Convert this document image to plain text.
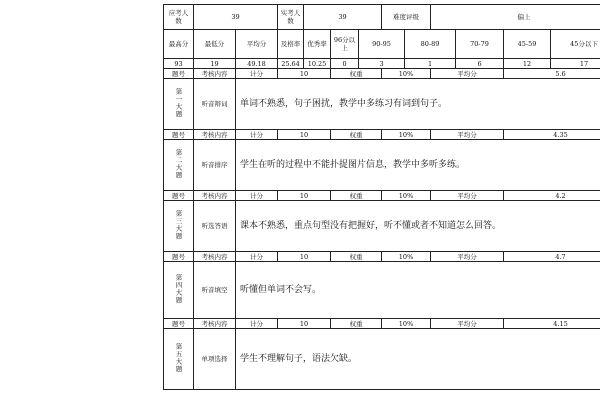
应考人数	39		实考人数	39			难度评级		偏上			
最高分	最低分	平均分	及格率	优秀率	96分以上	90-95		80-89		70-79	45-59	45分以下
93	19	49.18	25.64	10.25	0	3		1		6	12	17
题号	考核内容	计分	10		权重		10%		平均分		5.6	
第一大题	听音辩词	单词不熟悉，句子困扰，教学中多练习有词到句子。										
题号	考核内容	计分	10		权重		10%		平均分		4.35	
第二大题	听音排序	学生在听的过程中不能扑捉图片信息，教学中多听多练。										
题号	考核内容	计分	10		权重		10%		平均分		4.2	
第三大题	听选答语	课本不熟悉，重点句型没有把握好，听不懂或者不知道怎么回答。										
题号	考核内容	计分	10		权重		10%		平均分		4.7	
第四大题	听音填空	听懂但单词不会写。										
题号	考核内容	计分	10		权重		10%		平均分		4.15	
第五大题	单项选择	学生不理解句子，语法欠缺。										
